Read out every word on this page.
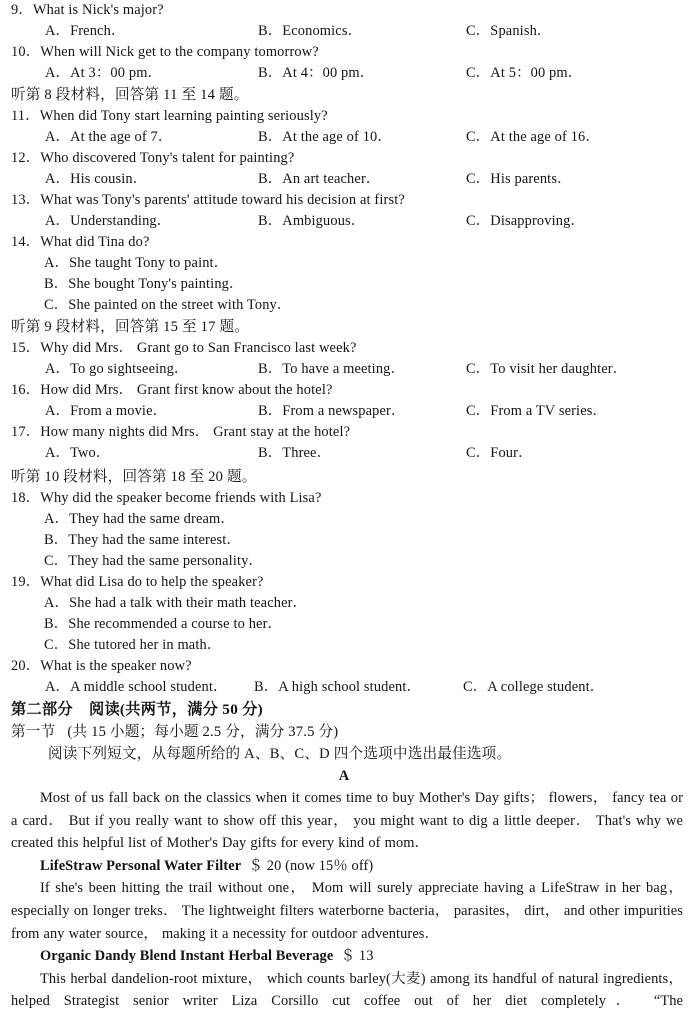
9．What is Nick's major?
A．French．	B．Economics．	C．Spanish．
10．When will Nick get to the company tomorrow?
A．At 3：00 pm．	B．At 4：00 pm．	C．At 5：00 pm．
听第 8 段材料，回答第 11 至 14 题。
11．When did Tony start learning painting seriously?
A．At the age of 7．	B．At the age of 10．	C．At the age of 16．
12．Who discovered Tony's talent for painting?
A．His cousin．	B．An art teacher．	C．His parents．
13．What was Tony's parents' attitude toward his decision at first?
A．Understanding．	B．Ambiguous．	C．Disapproving．
14．What did Tina do?
A．She taught Tony to paint．
B．She bought Tony's painting．
C．She painted on the street with Tony．
听第 9 段材料，回答第 15 至 17 题。
15．Why did Mrs． Grant go to San Francisco last week?
A．To go sightseeing．	B．To have a meeting．	C．To visit her daughter．
16．How did Mrs． Grant first know about the hotel?
A．From a movie．	B．From a newspaper．	C．From a TV series．
17．How many nights did Mrs． Grant stay at the hotel?
A．Two．	B．Three．	C．Four．
听第 10 段材料，回答第 18 至 20 题。
18．Why did the speaker become friends with Lisa?
A．They had the same dream．
B．They had the same interest．
C．They had the same personality．
19．What did Lisa do to help the speaker?
A．She had a talk with their math teacher．
B．She recommended a course to her．
C．She tutored her in math．
20．What is the speaker now?
A．A middle school student． B．A high school student．	C．A college student．
第二部分 阅读(共两节，满分 50 分)
第一节 (共 15 小题；每小题 2.5 分，满分 37.5 分)
阅读下列短文，从每题所给的 A、B、C、D 四个选项中选出最佳选项。
A

Most of us fall back on the classics when it comes time to buy Mother's Day gifts； flowers， fancy tea or a card． But if you really want to show off this year， you might want to dig a little deeper． That's why we created this helpful list of Mother's Day gifts for every kind of mom．

LifeStraw Personal Water Filter ＄ 20 (now 15％ off)

If she's been hitting the trail without one， Mom will surely appreciate having a LifeStraw in her bag， especially on longer treks． The lightweight filters waterborne bacteria， parasites， dirt， and other impurities from any water source， making it a necessity for outdoor adventures．

Organic Dandy Blend Instant Herbal Beverage ＄ 13

This herbal dandelion-root mixture， which counts barley(大麦) among its handful of natural ingredients， helped Strategist senior writer Liza Corsillo cut coffee out of her diet completely． “The
